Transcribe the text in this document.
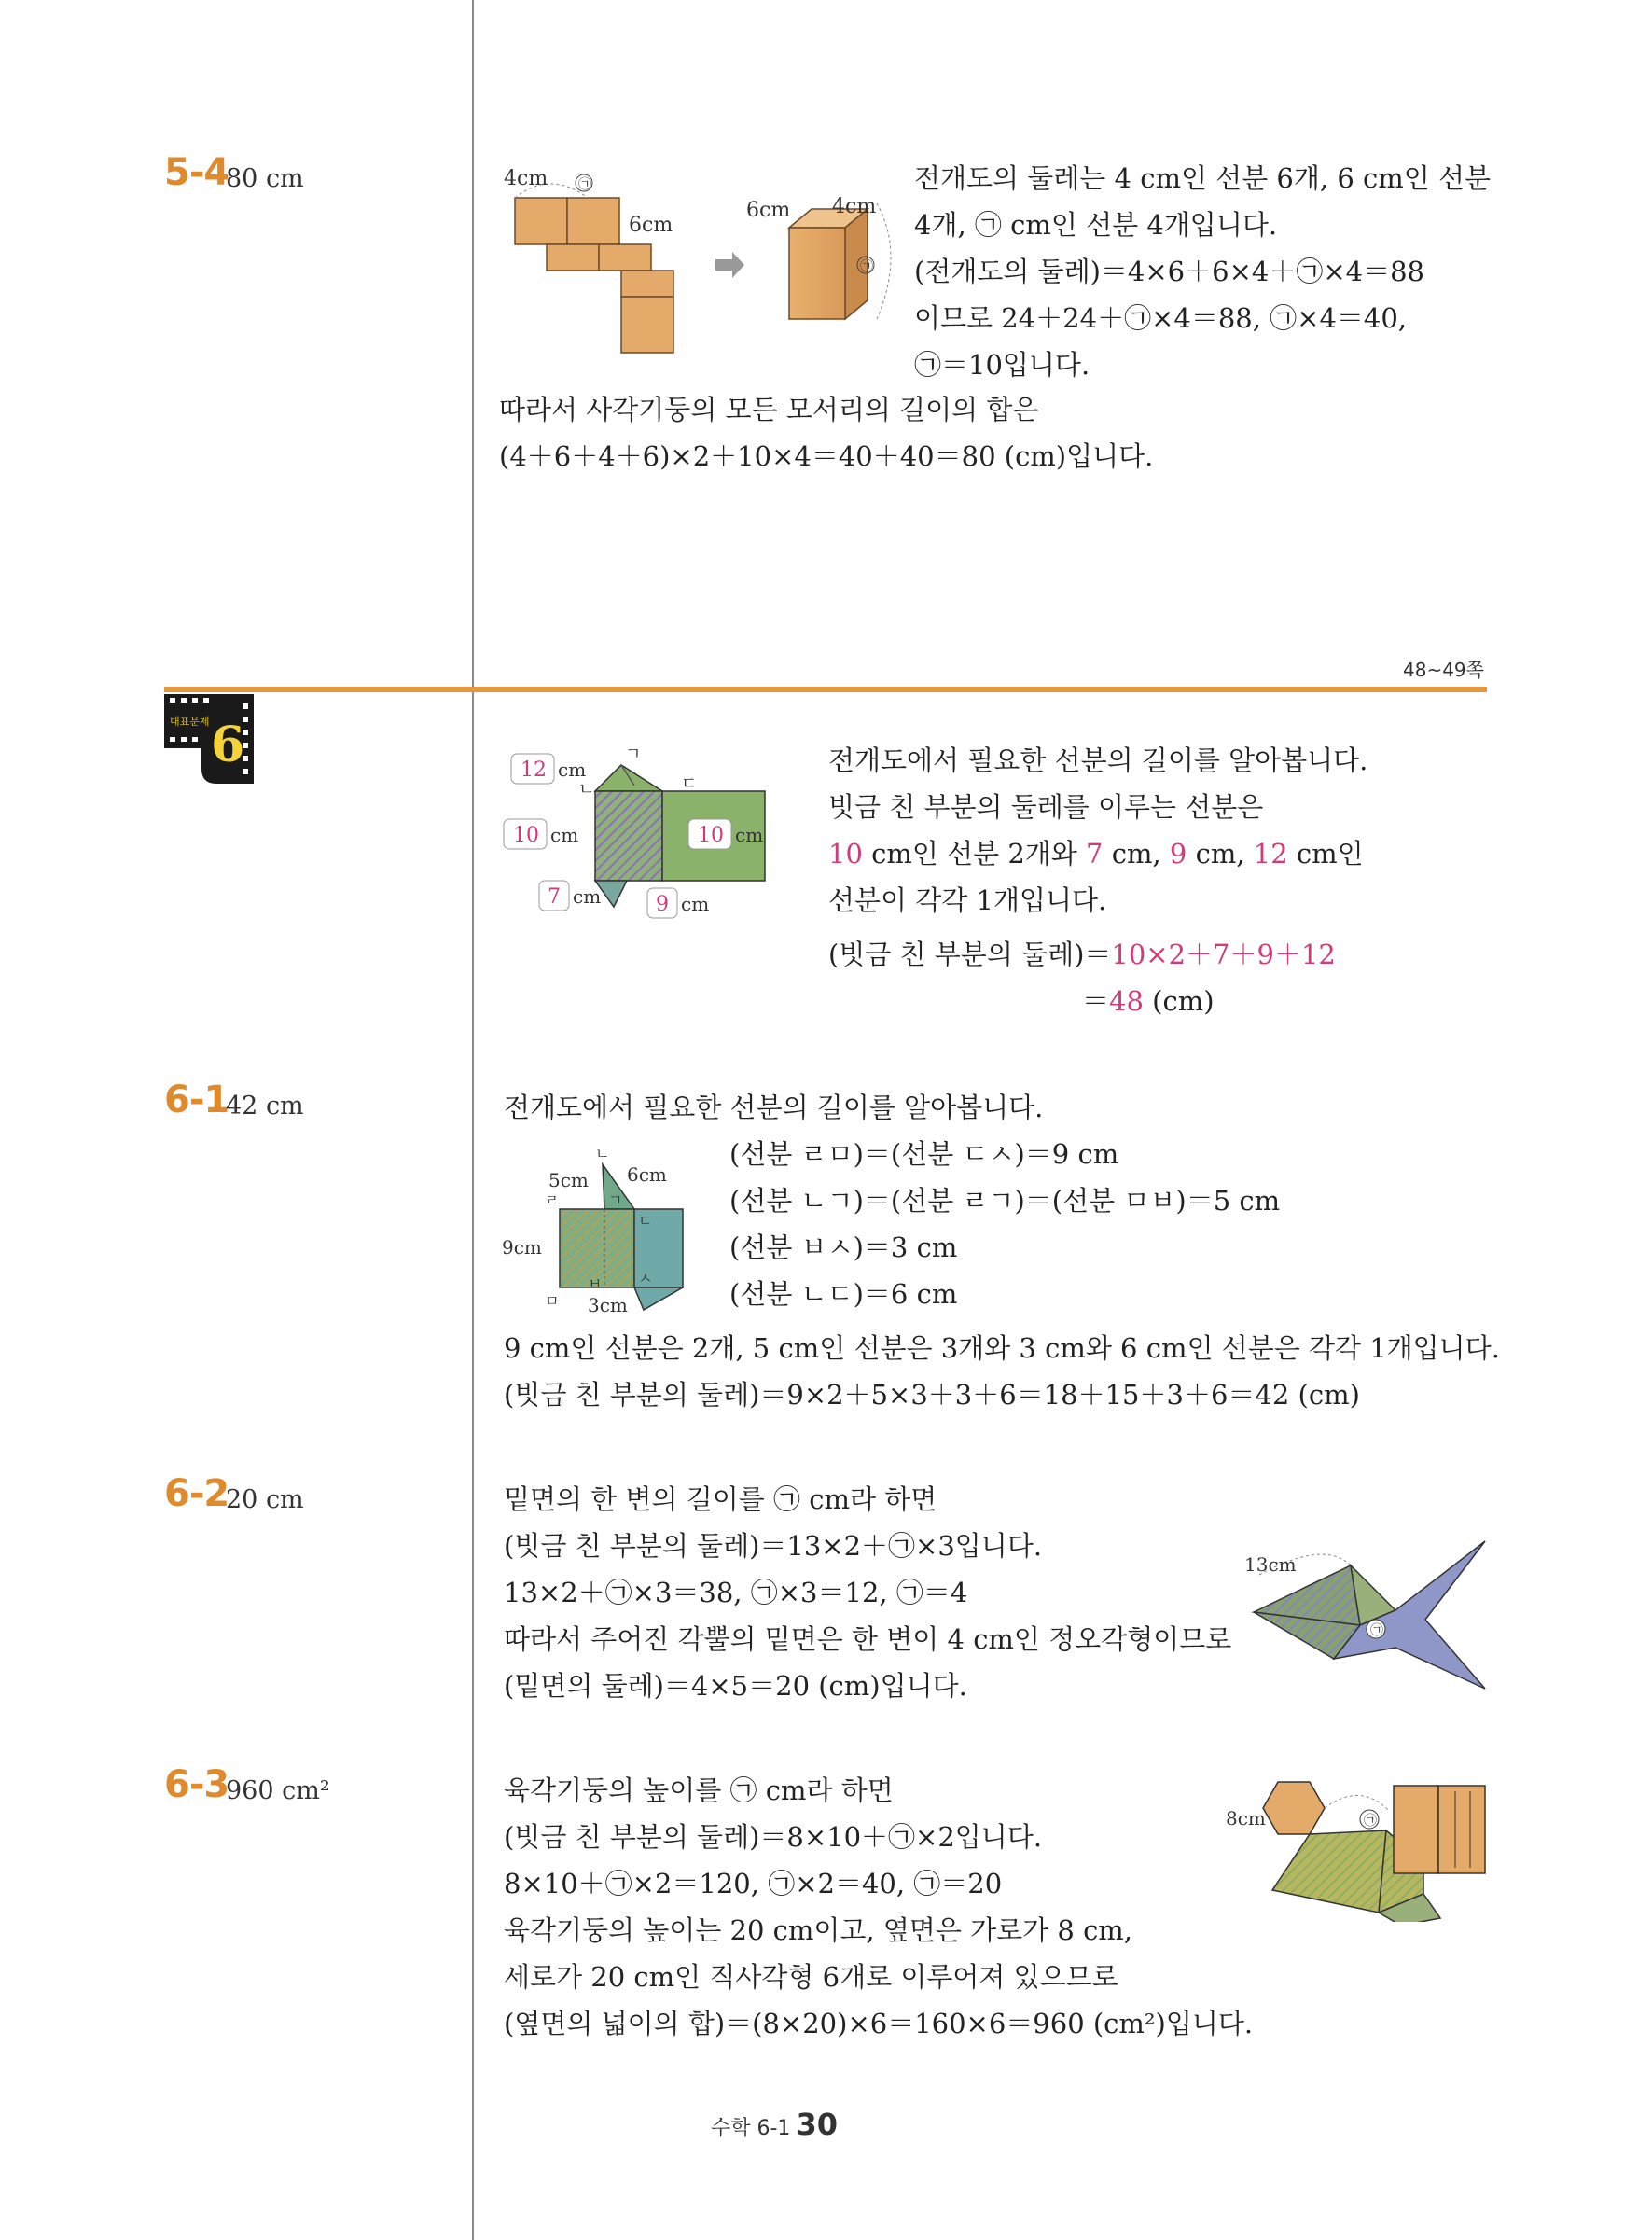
5-4
80 cm	4cm ㉠
6cm
6cm 4cm
㉠
전개도의 둘레는 4 cm인 선분 6개, 6 cm인 선분
4개, ㉠ cm인 선분 4개입니다.
(전개도의 둘레)＝4×6＋6×4＋㉠×4＝88
이므로 24＋24＋㉠×4＝88, ㉠×4＝40,
㉠＝10입니다.
따라서 사각기둥의 모든 모서리의 길이의 합은
(4＋6＋4＋6)×2＋10×4＝40＋40＝80 (cm)입니다.
48~49쪽
대표문제 6	12 cm
ㄱ
ㄴ	ㄷ
10 cm	10 cm
7 cm	9 cm
전개도에서 필요한 선분의 길이를 알아봅니다.
빗금 친 부분의 둘레를 이루는 선분은
10 cm인 선분 2개와 7 cm, 9 cm, 12 cm인
선분이 각각 1개입니다.
(빗금 친 부분의 둘레)＝10×2＋7＋9＋12
＝48 (cm)
6-1
42 cm	전개도에서 필요한 선분의 길이를 알아봅니다.
ㄴ
5cm 6cm
ㄹ	ㄱ
ㄷ
9cm
ㅁ
ㅂ ㅅ
3cm
(선분 ㄹㅁ)＝(선분 ㄷㅅ)＝9 cm
(선분 ㄴㄱ)＝(선분 ㄹㄱ)＝(선분 ㅁㅂ)＝5 cm
(선분 ㅂㅅ)＝3 cm
(선분 ㄴㄷ)＝6 cm
9 cm인 선분은 2개, 5 cm인 선분은 3개와 3 cm와 6 cm인 선분은 각각 1개입니다.
(빗금 친 부분의 둘레)＝9×2＋5×3＋3＋6＝18＋15＋3＋6＝42 (cm)
6-2
20 cm	밑면의 한 변의 길이를 ㉠ cm라 하면
(빗금 친 부분의 둘레)＝13×2＋㉠×3입니다.
13×2＋㉠×3＝38, ㉠×3＝12, ㉠＝4
따라서 주어진 각뿔의 밑면은 한 변이 4 cm인 정오각형이므로
(밑면의 둘레)＝4×5＝20 (cm)입니다.
13cm
㉠
6-3
960 cm²	육각기둥의 높이를 ㉠ cm라 하면
(빗금 친 부분의 둘레)＝8×10＋㉠×2입니다.
8×10＋㉠×2＝120, ㉠×2＝40, ㉠＝20
육각기둥의 높이는 20 cm이고, 옆면은 가로가 8 cm,
세로가 20 cm인 직사각형 6개로 이루어져 있으므로
(옆면의 넓이의 합)＝(8×20)×6＝160×6＝960 (cm²)입니다.
8cm	㉠
수학 6-1 30
